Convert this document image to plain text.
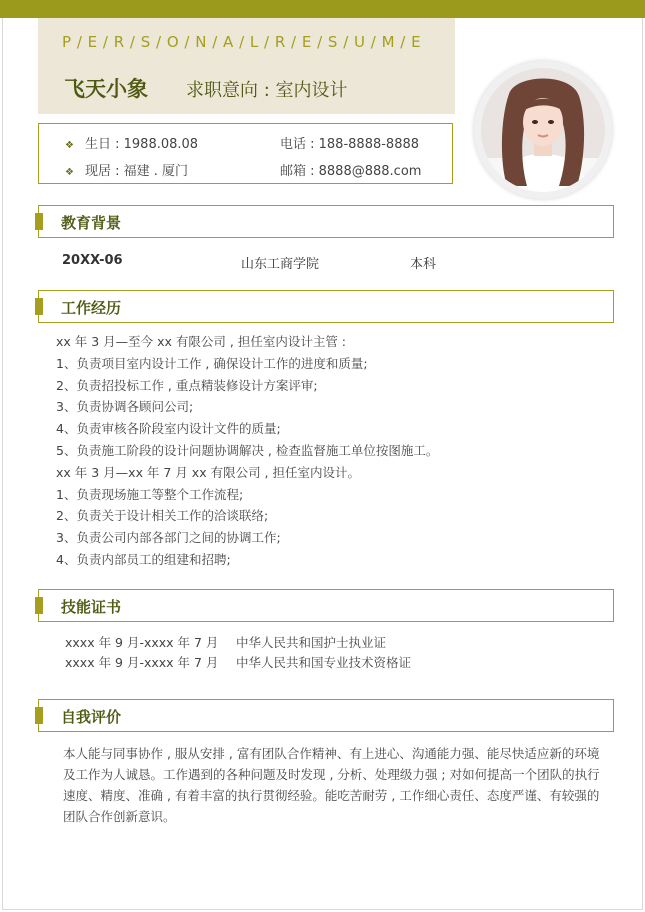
P / E / R / S / O / N / A / L / R / E / S / U / M / E
飞天小象 求职意向 : 室内设计
❖ 生日 : 1988.08.08
❖ 现居 : 福建 . 厦门
电话 : 188-8888-8888
邮箱 : 8888@888.com
教育背景
20XX-06	山东工商学院	本科
工作经历
xx 年 3 月—至今 xx 有限公司 , 担任室内设计主管 :
1、负责项目室内设计工作 , 确保设计工作的进度和质量;
2、负责招投标工作 , 重点精装修设计方案评审;
3、负责协调各顾问公司;
4、负责审核各阶段室内设计文件的质量;
5、负责施工阶段的设计问题协调解决 , 检查监督施工单位按图施工。
xx 年 3 月—xx 年 7 月 xx 有限公司 , 担任室内设计。
1、负责现场施工等整个工作流程;
2、负责关于设计相关工作的洽谈联络;
3、负责公司内部各部门之间的协调工作;
4、负责内部员工的组建和招聘;
技能证书
xxxx 年 9 月-xxxx 年 7 月 中华人民共和国护士执业证
xxxx 年 9 月-xxxx 年 7 月 中华人民共和国专业技术资格证
自我评价

本人能与同事协作 , 服从安排 , 富有团队合作精神、有上进心、沟通能力强、能尽快适应新的环境及工作为人诚恳。工作遇到的各种问题及时发现 , 分析、处理级力强 ; 对如何提高一个团队的执行速度、精度、准确 , 有着丰富的执行贯彻经验。能吃苦耐劳 , 工作细心责任、态度严谨、有较强的团队合作创新意识。
